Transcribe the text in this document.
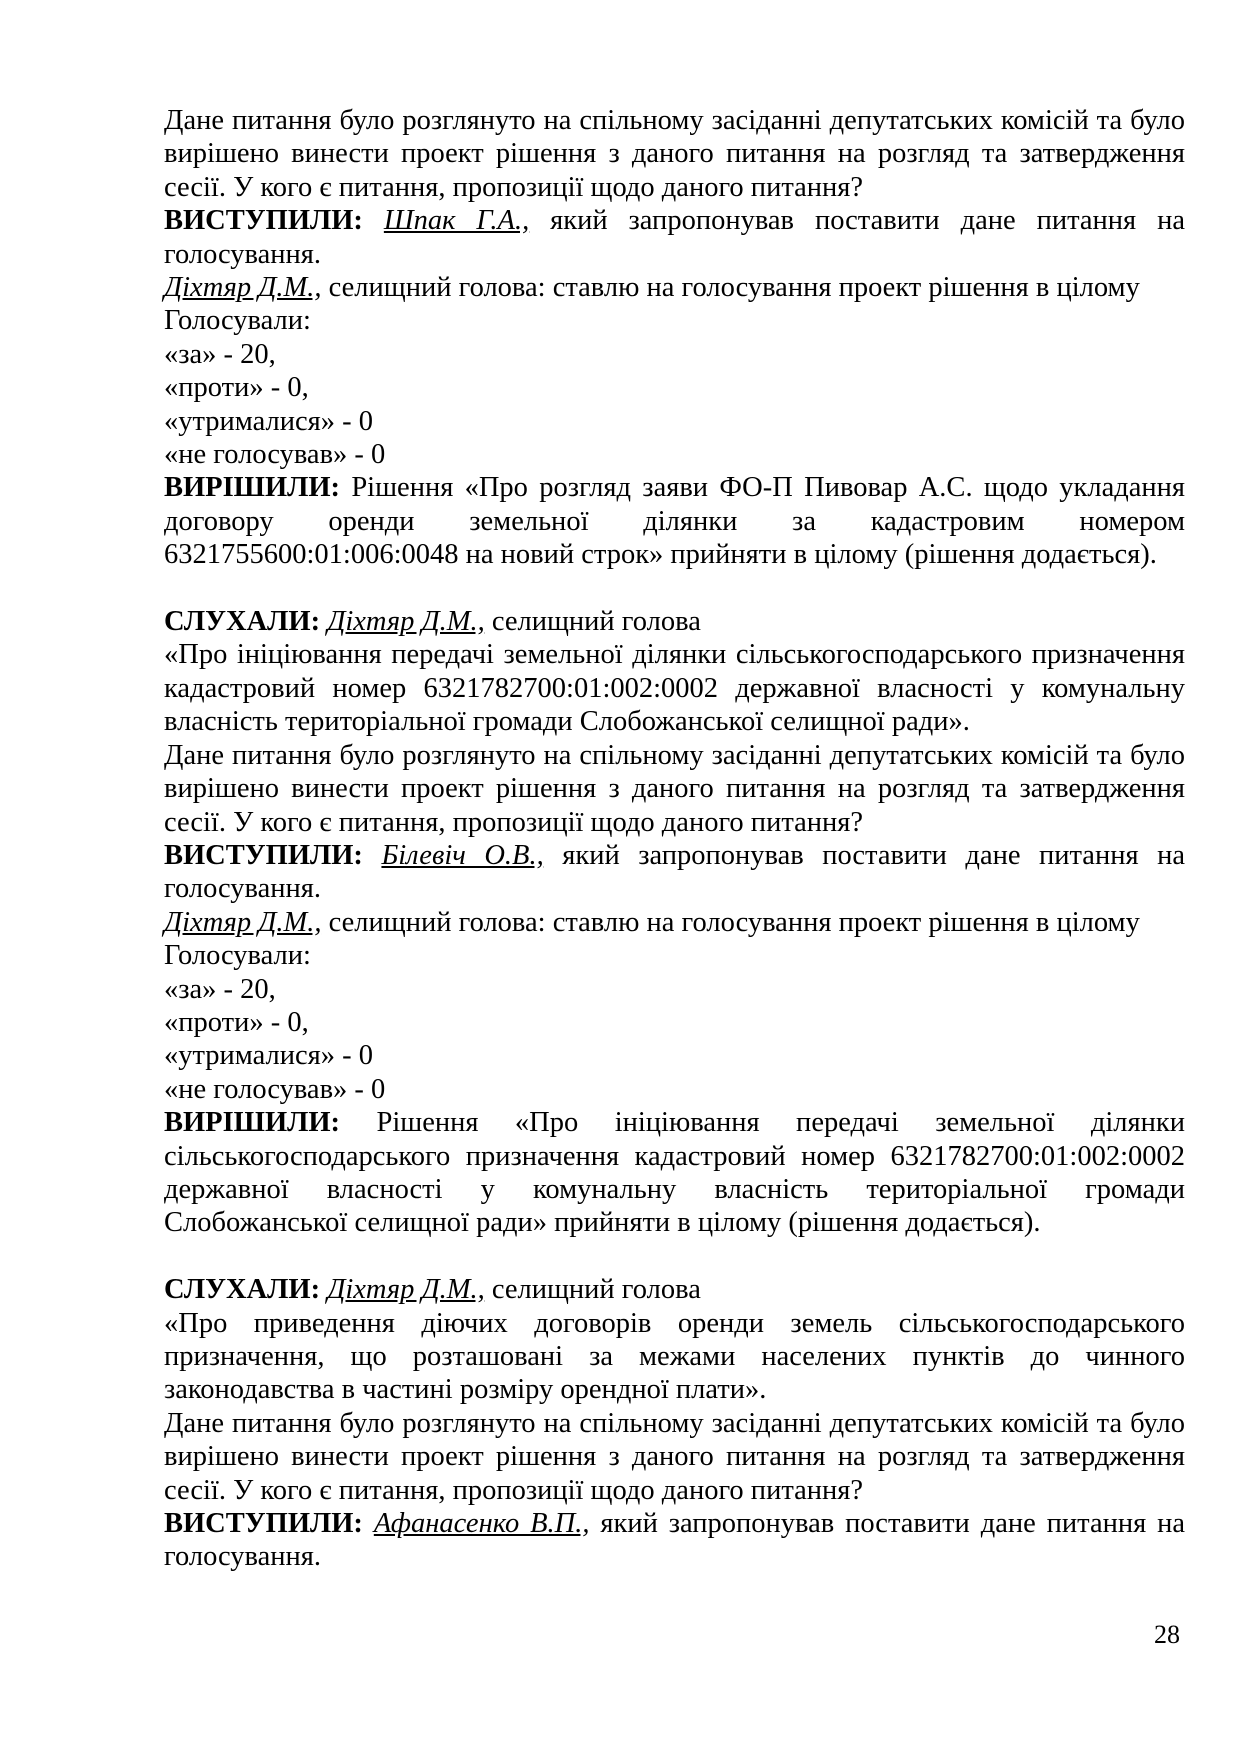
Дане питання було розглянуто на спільному засіданні депутатських комісій та було вирішено винести проект рішення з даного питання на розгляд та затвердження сесії. У кого є питання, пропозиції щодо даного питання?

ВИСТУПИЛИ: Шпак Г.А., який запропонував поставити дане питання на голосування.

Діхтяр Д.М., селищний голова: ставлю на голосування проект рішення в цілому

Голосували:

«за» - 20,

«проти» - 0,

«утрималися» - 0

«не голосував» - 0

ВИРІШИЛИ: Рішення «Про розгляд заяви ФО-П Пивовар А.С. щодо укладання договору оренди земельної ділянки за кадастровим номером 6321755600:01:006:0048 на новий строк» прийняти в цілому (рішення додається).

СЛУХАЛИ: Діхтяр Д.М., селищний голова

«Про ініціювання передачі земельної ділянки сільськогосподарського призначення кадастровий номер 6321782700:01:002:0002 державної власності у комунальну власність територіальної громади Слобожанської селищної ради».

Дане питання було розглянуто на спільному засіданні депутатських комісій та було вирішено винести проект рішення з даного питання на розгляд та затвердження сесії. У кого є питання, пропозиції щодо даного питання?

ВИСТУПИЛИ: Білевіч О.В., який запропонував поставити дане питання на голосування.

Діхтяр Д.М., селищний голова: ставлю на голосування проект рішення в цілому

Голосували:

«за» - 20,

«проти» - 0,

«утрималися» - 0

«не голосував» - 0

ВИРІШИЛИ: Рішення «Про ініціювання передачі земельної ділянки сільськогосподарського призначення кадастровий номер 6321782700:01:002:0002 державної власності у комунальну власність територіальної громади Слобожанської селищної ради» прийняти в цілому (рішення додається).

СЛУХАЛИ: Діхтяр Д.М., селищний голова

«Про приведення діючих договорів оренди земель сільськогосподарського призначення, що розташовані за межами населених пунктів до чинного законодавства в частині розміру орендної плати».

Дане питання було розглянуто на спільному засіданні депутатських комісій та було вирішено винести проект рішення з даного питання на розгляд та затвердження сесії. У кого є питання, пропозиції щодо даного питання?

ВИСТУПИЛИ: Афанасенко В.П., який запропонував поставити дане питання на голосування.

28
